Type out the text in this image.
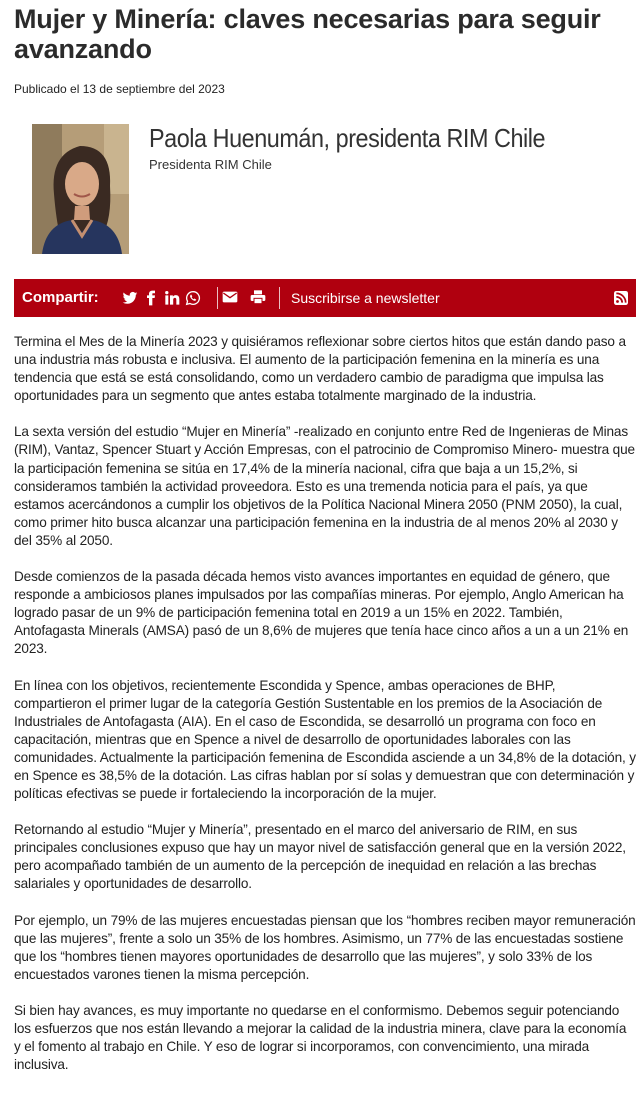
Mujer y Minería: claves necesarias para seguir avanzando
Publicado el 13 de septiembre del 2023
Paola Huenumán, presidenta RIM Chile
Presidenta RIM Chile
Compartir:	Suscribirse a newsletter

Termina el Mes de la Minería 2023 y quisiéramos reflexionar sobre ciertos hitos que están dando paso a una industria más robusta e inclusiva. El aumento de la participación femenina en la minería es una tendencia que está se está consolidando, como un verdadero cambio de paradigma que impulsa las oportunidades para un segmento que antes estaba totalmente marginado de la industria.

La sexta versión del estudio “Mujer en Minería” -realizado en conjunto entre Red de Ingenieras de Minas (RIM), Vantaz, Spencer Stuart y Acción Empresas, con el patrocinio de Compromiso Minero- muestra que la participación femenina se sitúa en 17,4% de la minería nacional, cifra que baja a un 15,2%, si consideramos también la actividad proveedora. Esto es una tremenda noticia para el país, ya que estamos acercándonos a cumplir los objetivos de la Política Nacional Minera 2050 (PNM 2050), la cual, como primer hito busca alcanzar una participación femenina en la industria de al menos 20% al 2030 y del 35% al 2050.

Desde comienzos de la pasada década hemos visto avances importantes en equidad de género, que responde a ambiciosos planes impulsados por las compañías mineras. Por ejemplo, Anglo American ha logrado pasar de un 9% de participación femenina total en 2019 a un 15% en 2022. También, Antofagasta Minerals (AMSA) pasó de un 8,6% de mujeres que tenía hace cinco años a un a un 21% en 2023.

En línea con los objetivos, recientemente Escondida y Spence, ambas operaciones de BHP, compartieron el primer lugar de la categoría Gestión Sustentable en los premios de la Asociación de Industriales de Antofagasta (AIA). En el caso de Escondida, se desarrolló un programa con foco en capacitación, mientras que en Spence a nivel de desarrollo de oportunidades laborales con las comunidades. Actualmente la participación femenina de Escondida asciende a un 34,8% de la dotación, y en Spence es 38,5% de la dotación. Las cifras hablan por sí solas y demuestran que con determinación y políticas efectivas se puede ir fortaleciendo la incorporación de la mujer.

Retornando al estudio “Mujer y Minería”, presentado en el marco del aniversario de RIM, en sus principales conclusiones expuso que hay un mayor nivel de satisfacción general que en la versión 2022, pero acompañado también de un aumento de la percepción de inequidad en relación a las brechas salariales y oportunidades de desarrollo.

Por ejemplo, un 79% de las mujeres encuestadas piensan que los “hombres reciben mayor remuneración que las mujeres”, frente a solo un 35% de los hombres. Asimismo, un 77% de las encuestadas sostiene que los “hombres tienen mayores oportunidades de desarrollo que las mujeres”, y solo 33% de los encuestados varones tienen la misma percepción.

Si bien hay avances, es muy importante no quedarse en el conformismo. Debemos seguir potenciando los esfuerzos que nos están llevando a mejorar la calidad de la industria minera, clave para la economía y el fomento al trabajo en Chile. Y eso de lograr si incorporamos, con convencimiento, una mirada inclusiva.
